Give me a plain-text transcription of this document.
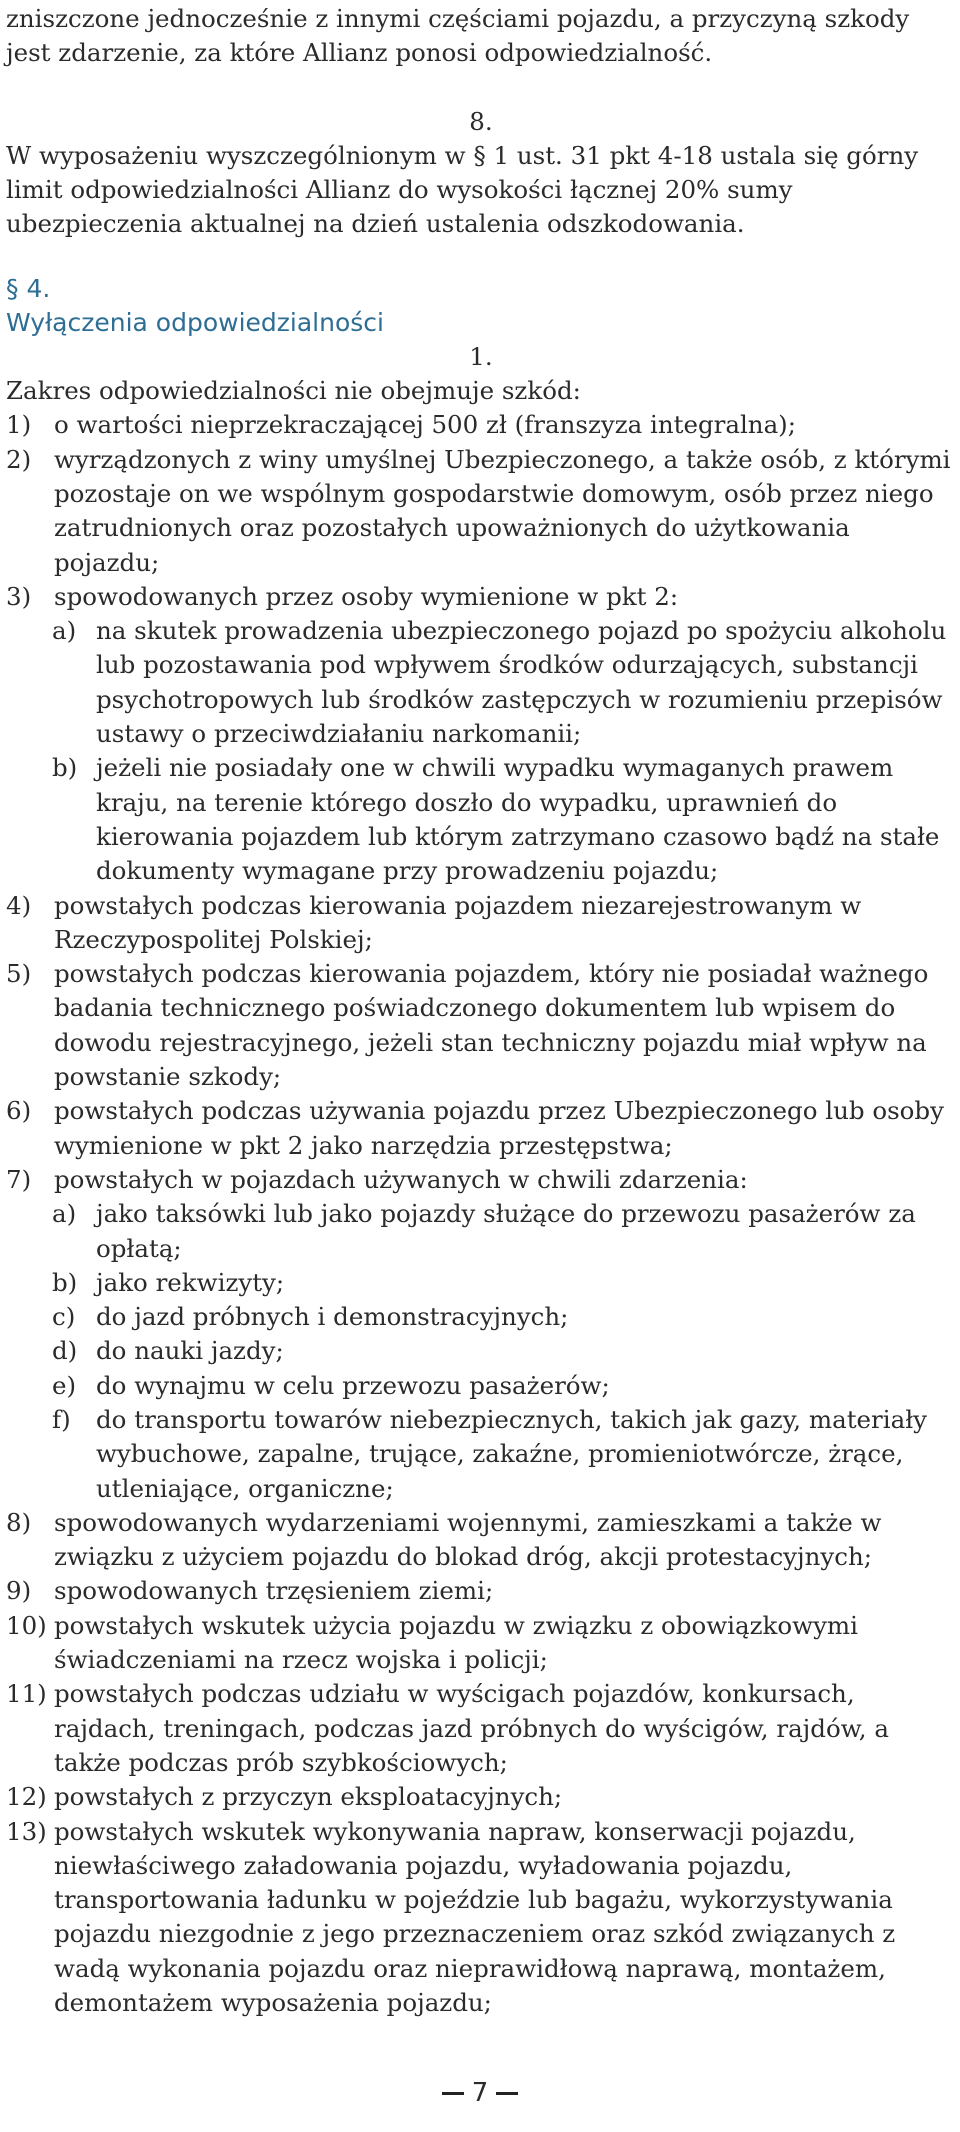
zniszczone jednocześnie z innymi częściami pojazdu, a przyczyną szkody jest zdarzenie, za które Allianz ponosi odpowiedzialność.

8.

W wyposażeniu wyszczególnionym w § 1 ust. 31 pkt 4-18 ustala się górny limit odpowiedzialności Allianz do wysokości łącznej 20% sumy ubezpieczenia aktualnej na dzień ustalenia odszkodowania.

§ 4.
Wyłączenia odpowiedzialności

1.

Zakres odpowiedzialności nie obejmuje szkód:

1) o wartości nieprzekraczającej 500 zł (franszyza integralna);
2) wyrządzonych z winy umyślnej Ubezpieczonego, a także osób, z którymi pozostaje on we wspólnym gospodarstwie domowym, osób przez niego zatrudnionych oraz pozostałych upoważnionych do użytkowania pojazdu;
3) spowodowanych przez osoby wymienione w pkt 2:
a) na skutek prowadzenia ubezpieczonego pojazd po spożyciu alkoholu lub pozostawania pod wpływem środków odurzających, substancji psychotropowych lub środków zastępczych w rozumieniu przepisów ustawy o przeciwdziałaniu narkomanii;
b) jeżeli nie posiadały one w chwili wypadku wymaganych prawem kraju, na terenie którego doszło do wypadku, uprawnień do kierowania pojazdem lub którym zatrzymano czasowo bądź na stałe dokumenty wymagane przy prowadzeniu pojazdu;
4) powstałych podczas kierowania pojazdem niezarejestrowanym w Rzeczypospolitej Polskiej;
5) powstałych podczas kierowania pojazdem, który nie posiadał ważnego badania technicznego poświadczonego dokumentem lub wpisem do dowodu rejestracyjnego, jeżeli stan techniczny pojazdu miał wpływ na powstanie szkody;
6) powstałych podczas używania pojazdu przez Ubezpieczonego lub osoby wymienione w pkt 2 jako narzędzia przestępstwa;
7) powstałych w pojazdach używanych w chwili zdarzenia:
a) jako taksówki lub jako pojazdy służące do przewozu pasażerów za opłatą;
b) jako rekwizyty;
c) do jazd próbnych i demonstracyjnych;
d) do nauki jazdy;
e) do wynajmu w celu przewozu pasażerów;
f) do transportu towarów niebezpiecznych, takich jak gazy, materiały wybuchowe, zapalne, trujące, zakaźne, promieniotwórcze, żrące, utleniające, organiczne;
8) spowodowanych wydarzeniami wojennymi, zamieszkami a także w związku z użyciem pojazdu do blokad dróg, akcji protestacyjnych;
9) spowodowanych trzęsieniem ziemi;
10) powstałych wskutek użycia pojazdu w związku z obowiązkowymi świadczeniami na rzecz wojska i policji;
11) powstałych podczas udziału w wyścigach pojazdów, konkursach, rajdach, treningach, podczas jazd próbnych do wyścigów, rajdów, a także podczas prób szybkościowych;
12) powstałych z przyczyn eksploatacyjnych;
13) powstałych wskutek wykonywania napraw, konserwacji pojazdu, niewłaściwego załadowania pojazdu, wyładowania pojazdu, transportowania ładunku w pojeździe lub bagażu, wykorzystywania pojazdu niezgodnie z jego przeznaczeniem oraz szkód związanych z wadą wykonania pojazdu oraz nieprawidłową naprawą, montażem, demontażem wyposażenia pojazdu;
7
